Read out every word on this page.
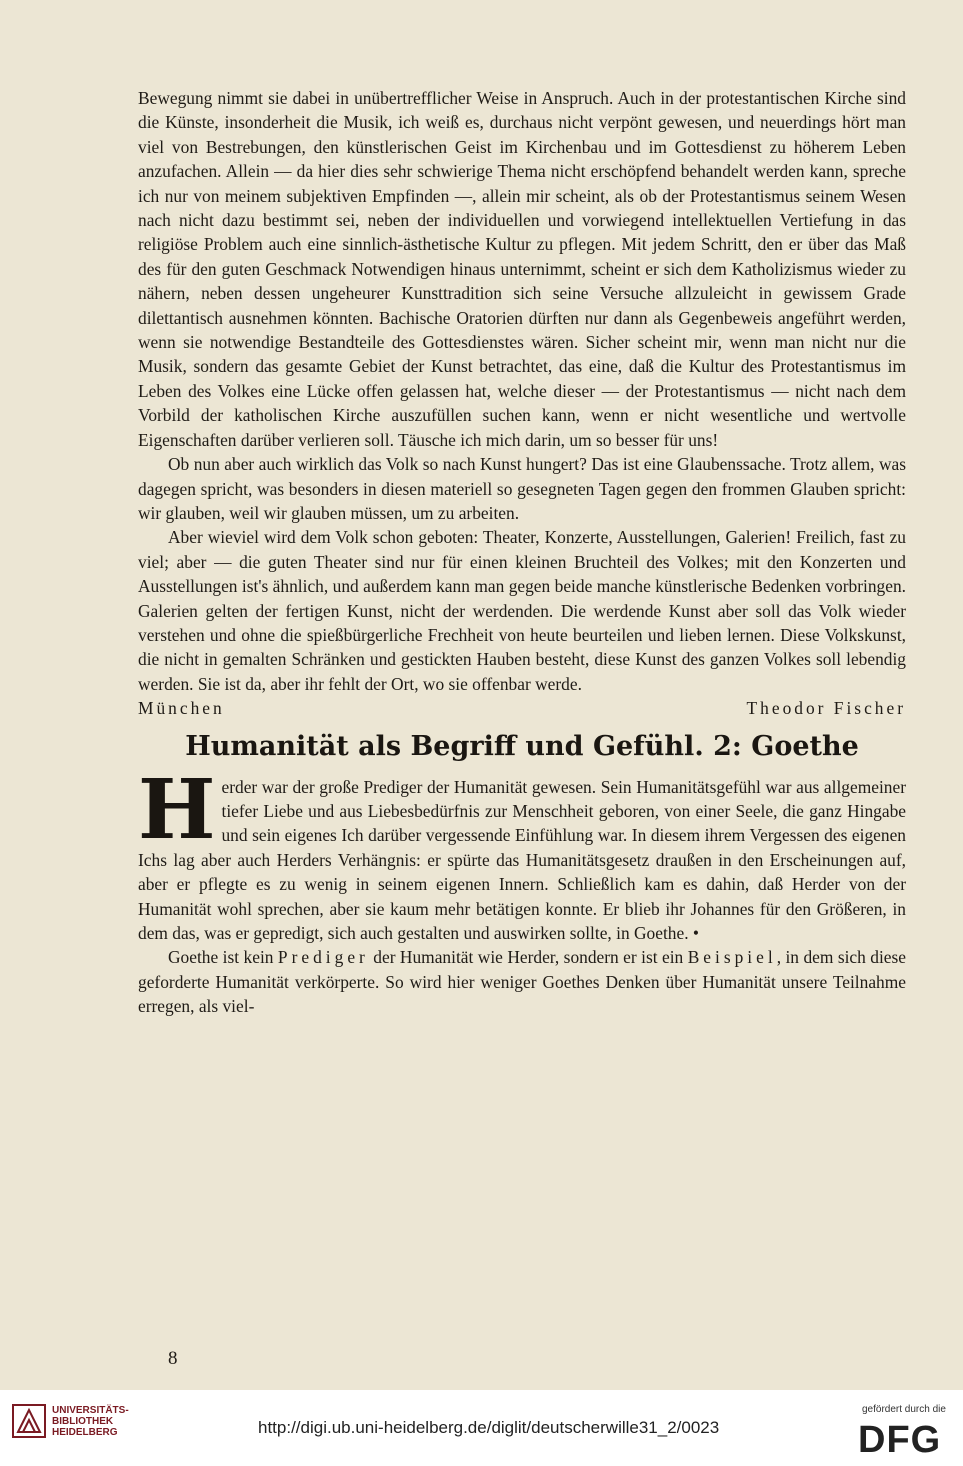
Bewegung nimmt sie dabei in unübertrefflicher Weise in Anspruch. Auch in der protestantischen Kirche sind die Künste, insonderheit die Musik, ich weiß es, durchaus nicht verpönt gewesen, und neuerdings hört man viel von Bestrebungen, den künstlerischen Geist im Kirchenbau und im Gottesdienst zu höherem Leben anzufachen. Allein — da hier dies sehr schwierige Thema nicht erschöpfend behandelt werden kann, spreche ich nur von meinem subjektiven Empfinden —, allein mir scheint, als ob der Protestantismus seinem Wesen nach nicht dazu bestimmt sei, neben der individuellen und vorwiegend intellektuellen Vertiefung in das religiöse Problem auch eine sinnlich-ästhetische Kultur zu pflegen. Mit jedem Schritt, den er über das Maß des für den guten Geschmack Notwendigen hinaus unternimmt, scheint er sich dem Katholizismus wieder zu nähern, neben dessen ungeheurer Kunsttradition sich seine Versuche allzuleicht in gewissem Grade dilettantisch ausnehmen könnten. Bachische Oratorien dürften nur dann als Gegenbeweis angeführt werden, wenn sie notwendige Bestandteile des Gottesdienstes wären. Sicher scheint mir, wenn man nicht nur die Musik, sondern das gesamte Gebiet der Kunst betrachtet, das eine, daß die Kultur des Protestantismus im Leben des Volkes eine Lücke offen gelassen hat, welche dieser — der Protestantismus — nicht nach dem Vorbild der katholischen Kirche auszufüllen suchen kann, wenn er nicht wesentliche und wertvolle Eigenschaften darüber verlieren soll. Täusche ich mich darin, um so besser für uns!

Ob nun aber auch wirklich das Volk so nach Kunst hungert? Das ist eine Glaubenssache. Trotz allem, was dagegen spricht, was besonders in diesen materiell so gesegneten Tagen gegen den frommen Glauben spricht: wir glauben, weil wir glauben müssen, um zu arbeiten.

Aber wieviel wird dem Volk schon geboten: Theater, Konzerte, Ausstellungen, Galerien! Freilich, fast zu viel; aber — die guten Theater sind nur für einen kleinen Bruchteil des Volkes; mit den Konzerten und Ausstellungen ist's ähnlich, und außerdem kann man gegen beide manche künstlerische Bedenken vorbringen. Galerien gelten der fertigen Kunst, nicht der werdenden. Die werdende Kunst aber soll das Volk wieder verstehen und ohne die spießbürgerliche Frechheit von heute beurteilen und lieben lernen. Diese Volkskunst, die nicht in gemalten Schränken und gestickten Hauben besteht, diese Kunst des ganzen Volkes soll lebendig werden. Sie ist da, aber ihr fehlt der Ort, wo sie offenbar werde.

München	Theodor Fischer
Humanität als Begriff und Gefühl. 2: Goethe

Herder war der große Prediger der Humanität gewesen. Sein Humanitätsgefühl war aus allgemeiner tiefer Liebe und aus Liebesbedürfnis zur Menschheit geboren, von einer Seele, die ganz Hingabe und sein eigenes Ich darüber vergessende Einfühlung war. In diesem ihrem Vergessen des eigenen Ichs lag aber auch Herders Verhängnis: er spürte das Humanitätsgesetz draußen in den Erscheinungen auf, aber er pflegte es zu wenig in seinem eigenen Innern. Schließlich kam es dahin, daß Herder von der Humanität wohl sprechen, aber sie kaum mehr betätigen konnte. Er blieb ihr Johannes für den Größeren, in dem das, was er gepredigt, sich auch gestalten und auswirken sollte, in Goethe. •

Goethe ist kein Prediger der Humanität wie Herder, sondern er ist ein Beispiel, in dem sich diese geforderte Humanität verkörperte. So wird hier weniger Goethes Denken über Humanität unsere Teilnahme erregen, als viel-

8
UNIVERSITÄTS-
BIBLIOTHEK
HEIDELBERG	http://digi.ub.uni-heidelberg.de/diglit/deutscherwille31_2/0023
gefördert durch die
DFG
